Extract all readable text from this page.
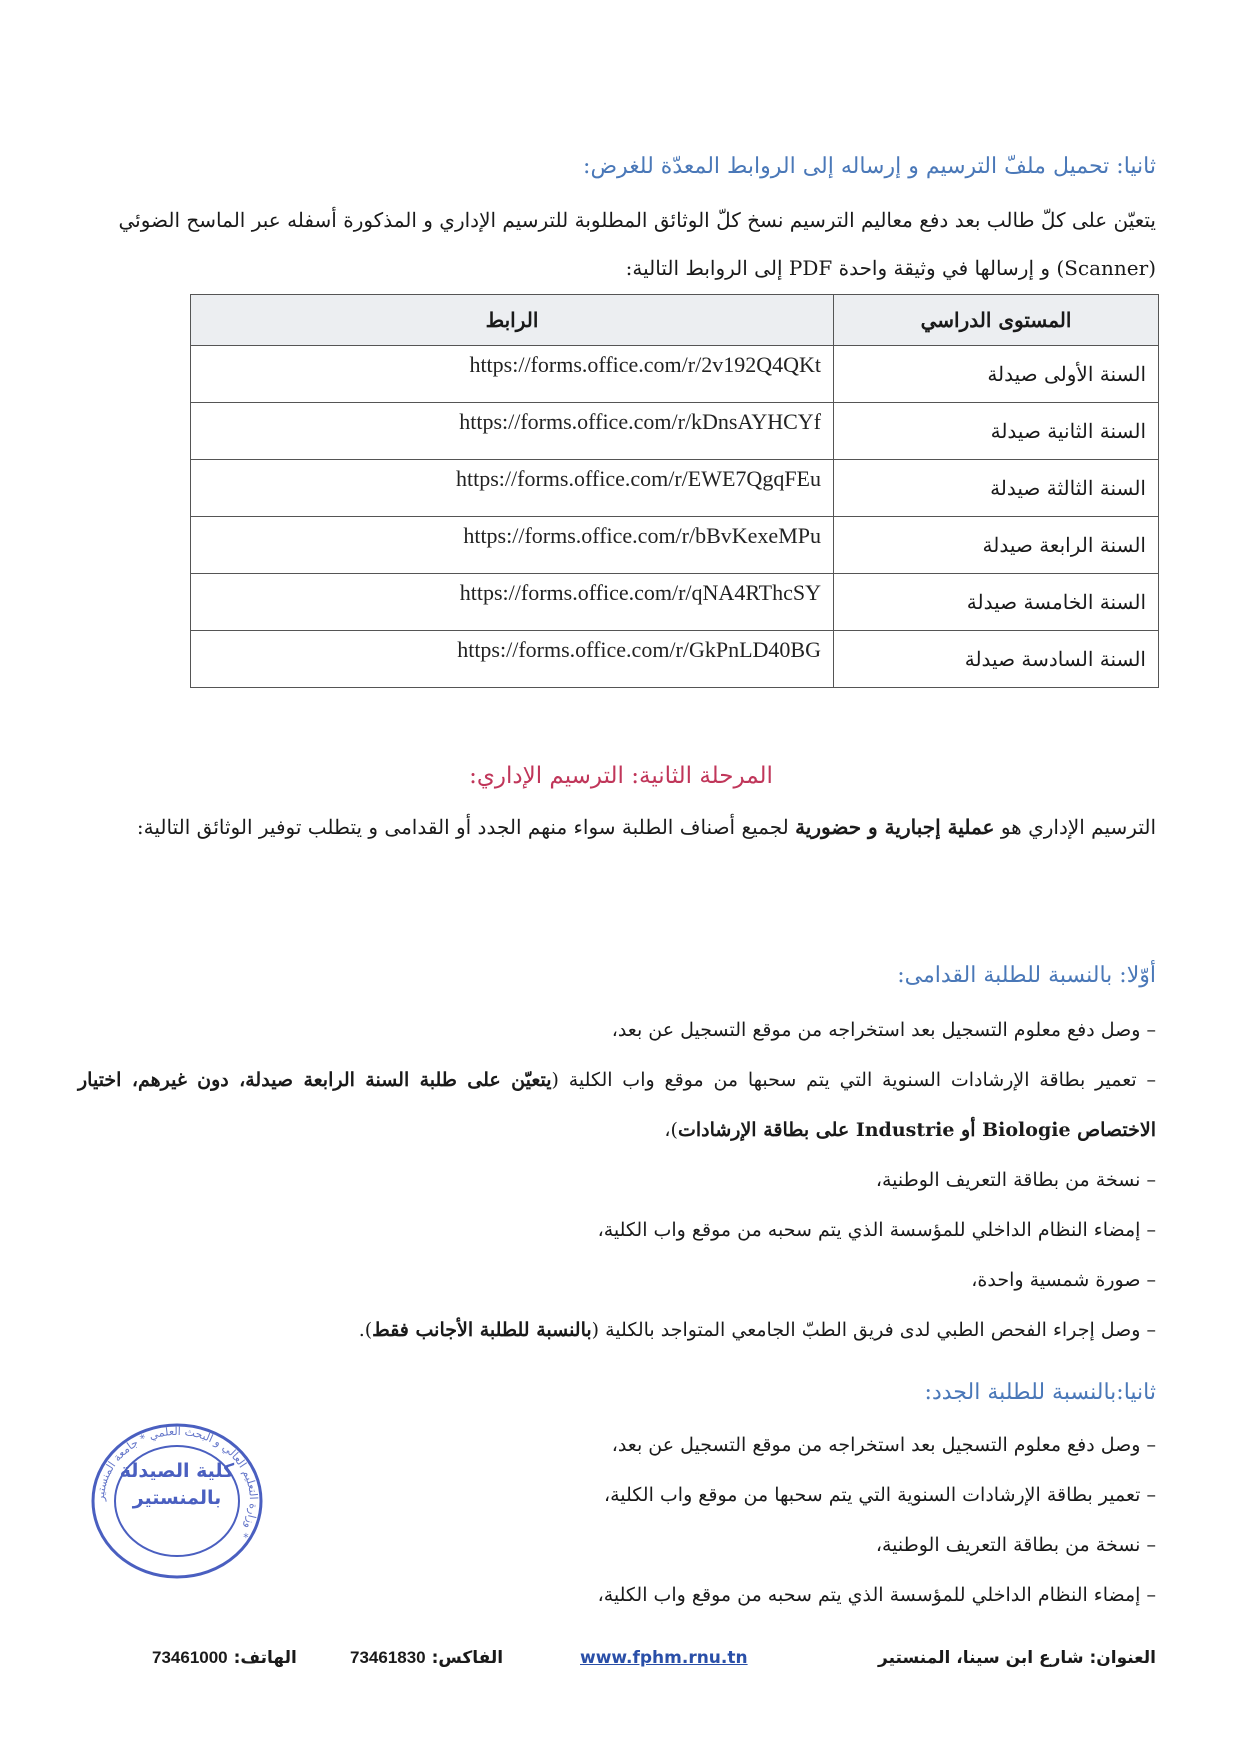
ثانيا: تحميل ملفّ الترسيم و إرساله إلى الروابط المعدّة للغرض:
يتعيّن على كلّ طالب بعد دفع معاليم الترسيم نسخ كلّ الوثائق المطلوبة للترسيم الإداري و المذكورة أسفله عبر الماسح الضوئي
(Scanner) و إرسالها في وثيقة واحدة PDF إلى الروابط التالية:
المستوى الدراسي	الرابط
السنة الأولى صيدلة	https://forms.office.com/r/2v192Q4QKt
السنة الثانية صيدلة	https://forms.office.com/r/kDnsAYHCYf
السنة الثالثة صيدلة	https://forms.office.com/r/EWE7QgqFEu
السنة الرابعة صيدلة	https://forms.office.com/r/bBvKexeMPu
السنة الخامسة صيدلة	https://forms.office.com/r/qNA4RThcSY
السنة السادسة صيدلة	https://forms.office.com/r/GkPnLD40BG
المرحلة الثانية: الترسيم الإداري:
الترسيم الإداري هو عملية إجبارية و حضورية لجميع أصناف الطلبة سواء منهم الجدد أو القدامى و يتطلب توفير الوثائق التالية:
أوّلا: بالنسبة للطلبة القدامى:
– وصل دفع معلوم التسجيل بعد استخراجه من موقع التسجيل عن بعد،
– تعمير بطاقة الإرشادات السنوية التي يتم سحبها من موقع واب الكلية (يتعيّن على طلبة السنة الرابعة صيدلة، دون غيرهم، اختيار الاختصاص Biologie أو Industrie على بطاقة الإرشادات)،
– نسخة من بطاقة التعريف الوطنية،
– إمضاء النظام الداخلي للمؤسسة الذي يتم سحبه من موقع واب الكلية،
– صورة شمسية واحدة،
– وصل إجراء الفحص الطبي لدى فريق الطبّ الجامعي المتواجد بالكلية (بالنسبة للطلبة الأجانب فقط).
ثانيا:بالنسبة للطلبة الجدد:
– وصل دفع معلوم التسجيل بعد استخراجه من موقع التسجيل عن بعد،
– تعمير بطاقة الإرشادات السنوية التي يتم سحبها من موقع واب الكلية،
– نسخة من بطاقة التعريف الوطنية،
– إمضاء النظام الداخلي للمؤسسة الذي يتم سحبه من موقع واب الكلية،
وزارة التعليم العالي و البحث العلمي * جامعة المنستير *
كلية الصيدلة بالمنستير
العنوان: شارع ابن سينا، المنستير
www.fphm.rnu.tn
الفاكس: 73461830
الهاتف: 73461000
